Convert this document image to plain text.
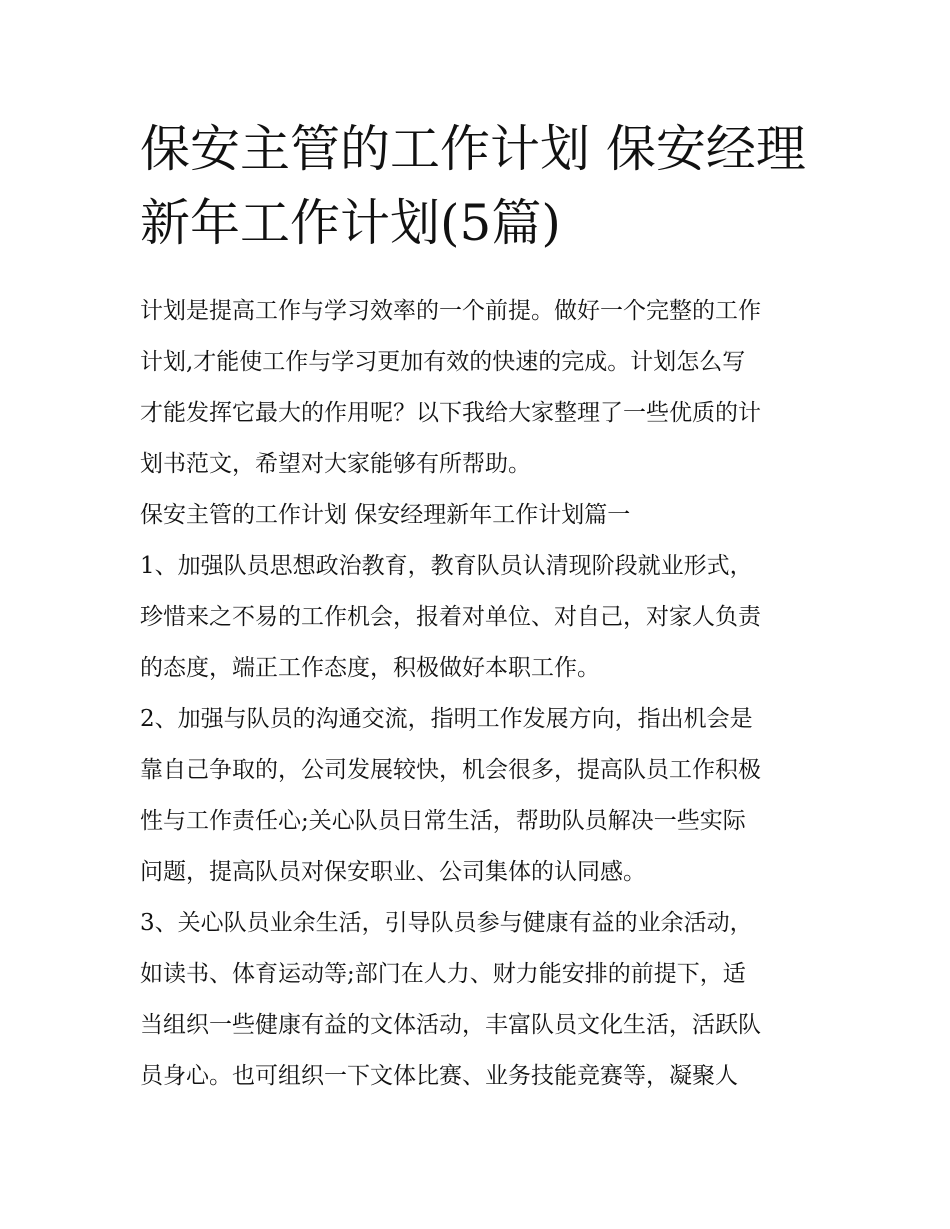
保安主管的工作计划 保安经理
新年工作计划(5篇)

计划是提高工作与学习效率的一个前提。做好一个完整的工作

计划,才能使工作与学习更加有效的快速的完成。计划怎么写

才能发挥它最大的作用呢？以下我给大家整理了一些优质的计

划书范文，希望对大家能够有所帮助。

保安主管的工作计划 保安经理新年工作计划篇一

1、加强队员思想政治教育，教育队员认清现阶段就业形式，

珍惜来之不易的工作机会，报着对单位、对自己，对家人负责

的态度，端正工作态度，积极做好本职工作。

2、加强与队员的沟通交流，指明工作发展方向，指出机会是

靠自己争取的，公司发展较快，机会很多，提高队员工作积极

性与工作责任心;关心队员日常生活，帮助队员解决一些实际

问题，提高队员对保安职业、公司集体的认同感。

3、关心队员业余生活，引导队员参与健康有益的业余活动，

如读书、体育运动等;部门在人力、财力能安排的前提下，适

当组织一些健康有益的文体活动，丰富队员文化生活，活跃队

员身心。也可组织一下文体比赛、业务技能竞赛等，凝聚人
